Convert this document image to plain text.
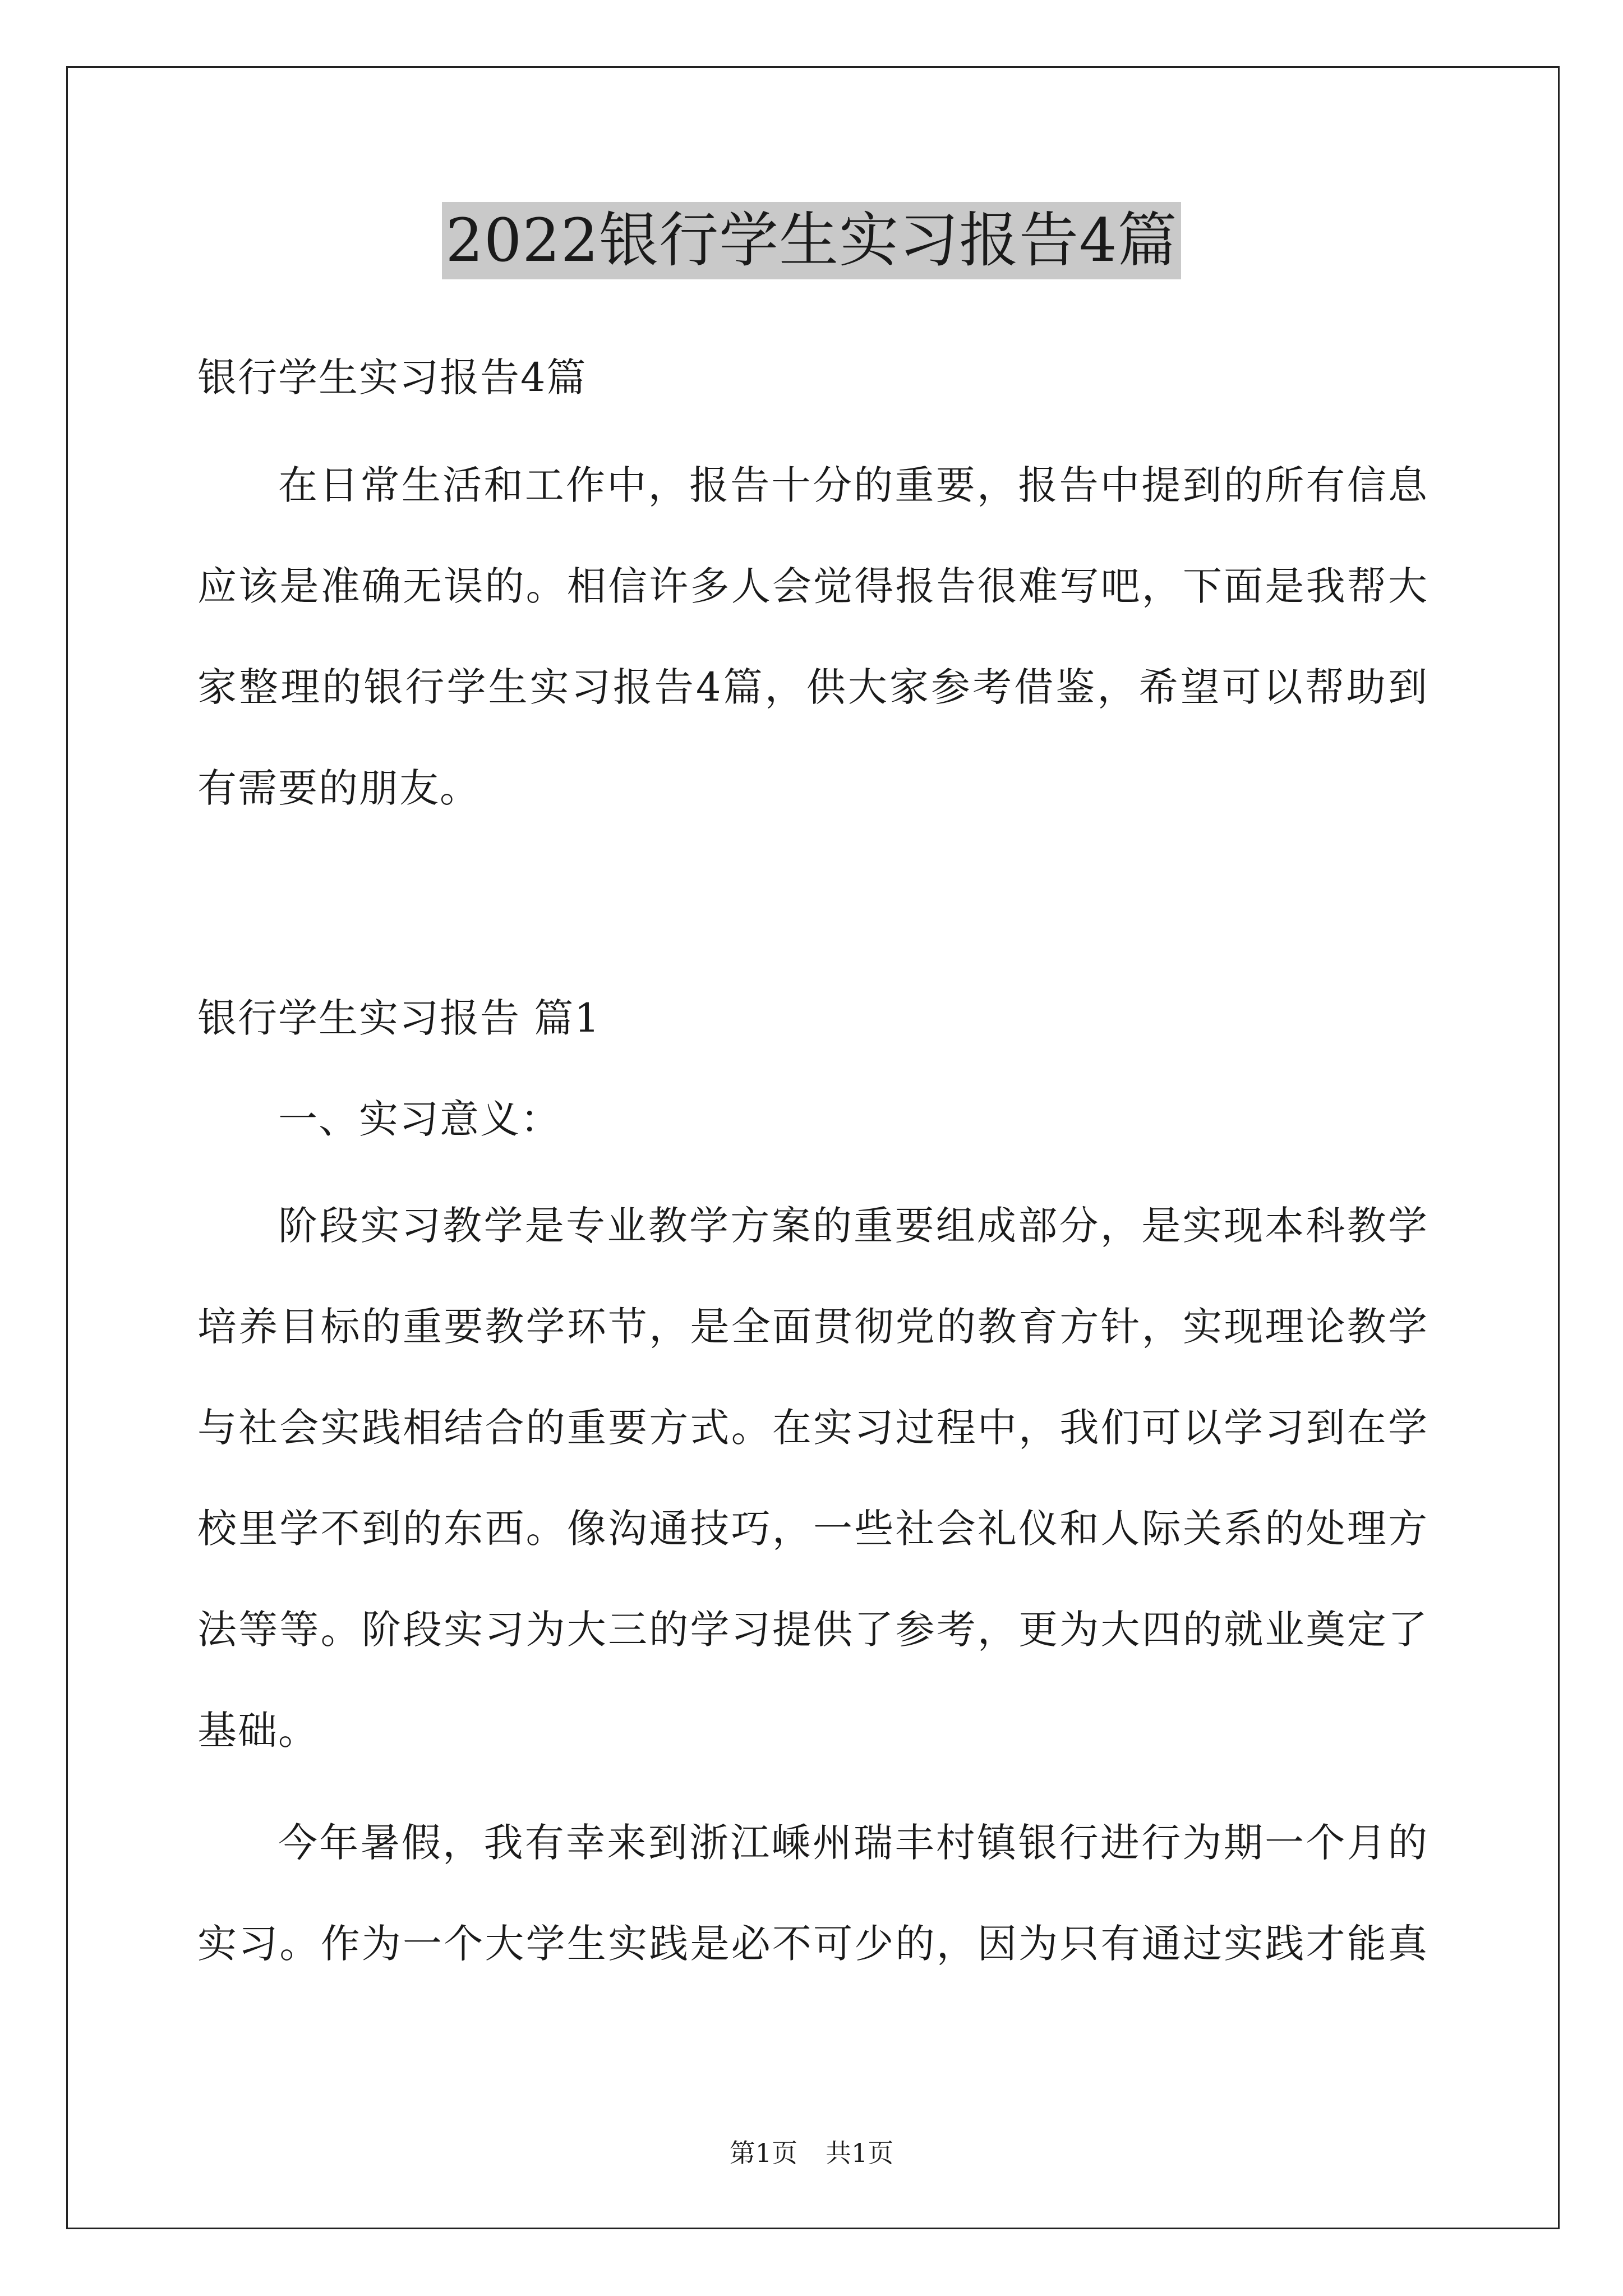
2022银行学生实习报告4篇
银行学生实习报告4篇
在日常生活和工作中，报告十分的重要，报告中提到的所有信息
应该是准确无误的。相信许多人会觉得报告很难写吧，下面是我帮大
家整理的银行学生实习报告4篇，供大家参考借鉴，希望可以帮助到
有需要的朋友。
银行学生实习报告 篇1
一、实习意义：
阶段实习教学是专业教学方案的重要组成部分，是实现本科教学
培养目标的重要教学环节，是全面贯彻党的教育方针，实现理论教学
与社会实践相结合的重要方式。在实习过程中，我们可以学习到在学
校里学不到的东西。像沟通技巧，一些社会礼仪和人际关系的处理方
法等等。阶段实习为大三的学习提供了参考，更为大四的就业奠定了
基础。
今年暑假，我有幸来到浙江嵊州瑞丰村镇银行进行为期一个月的
实习。作为一个大学生实践是必不可少的，因为只有通过实践才能真
第1页 共1页
